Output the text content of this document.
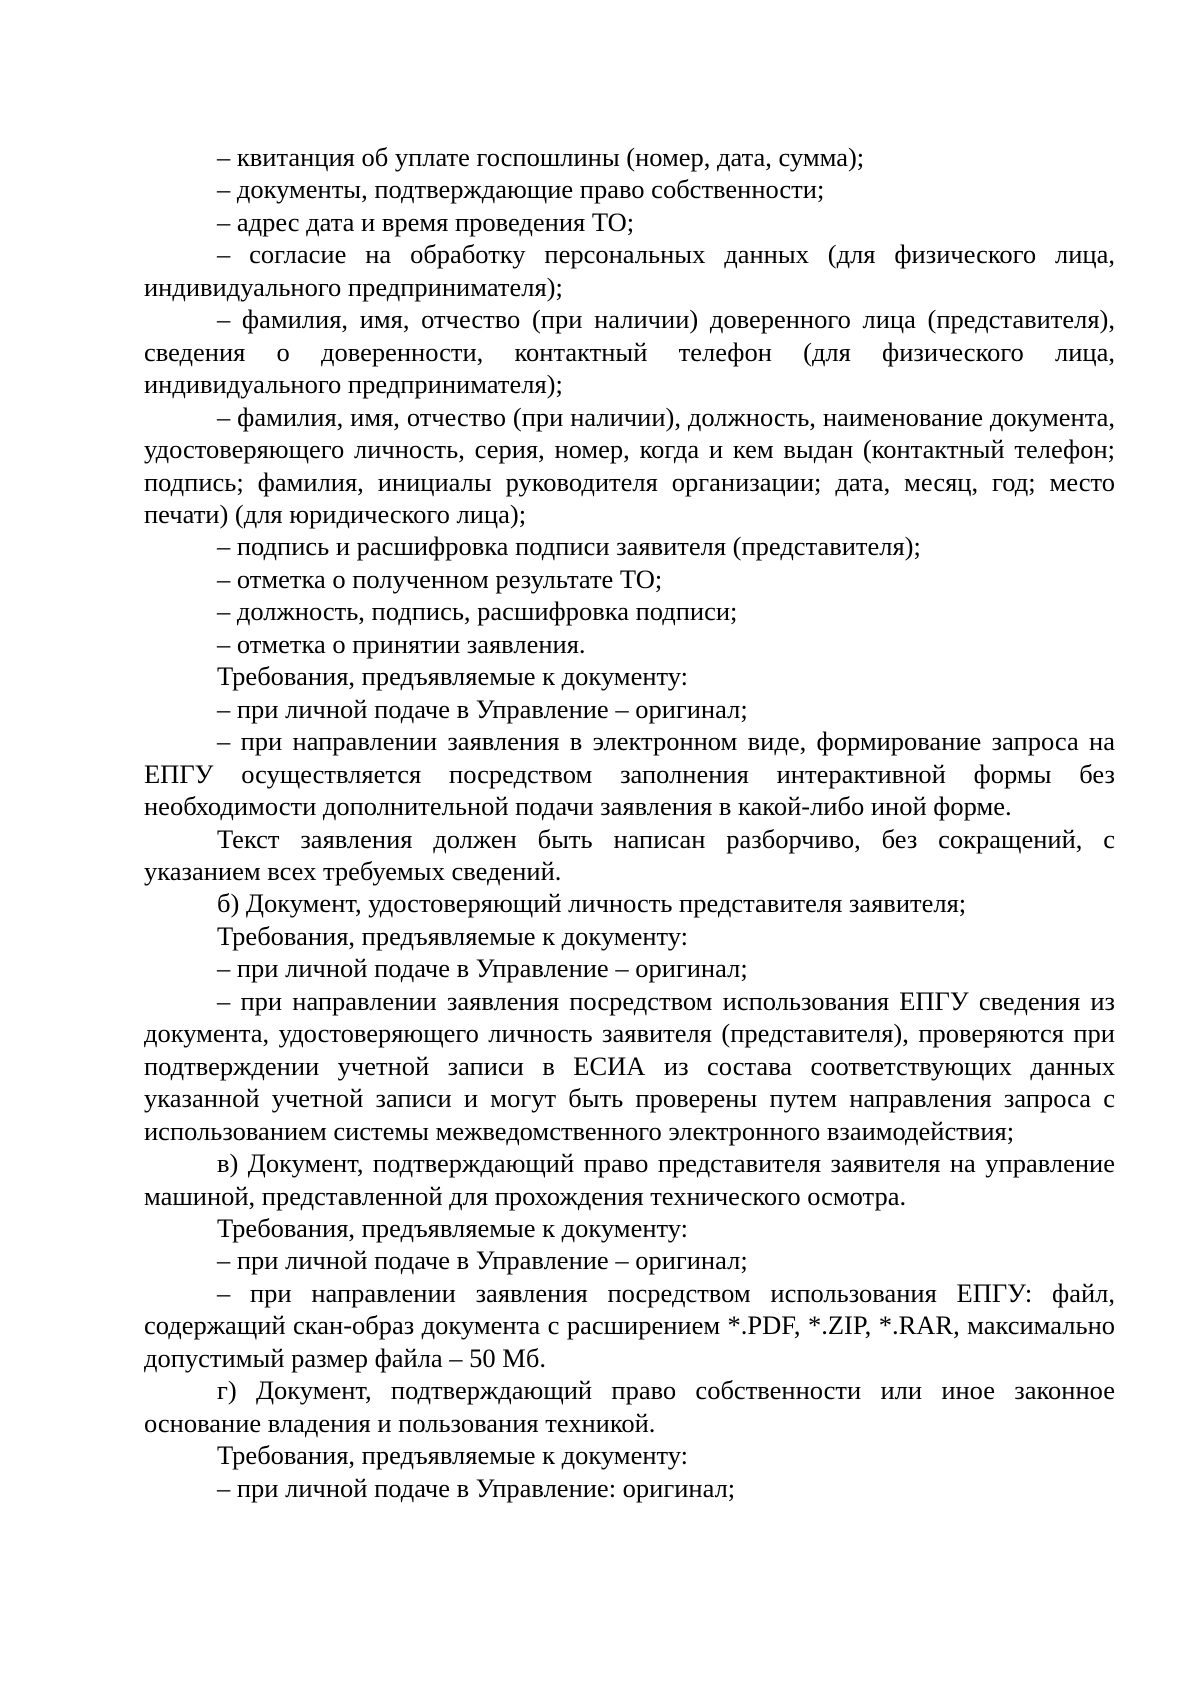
– квитанция об уплате госпошлины (номер, дата, сумма);

– документы, подтверждающие право собственности;

– адрес дата и время проведения ТО;

– согласие на обработку персональных данных (для физического лица, индивидуального предпринимателя);

– фамилия, имя, отчество (при наличии) доверенного лица (представителя), сведения о доверенности, контактный телефон (для физического лица, индивидуального предпринимателя);

– фамилия, имя, отчество (при наличии), должность, наименование документа, удостоверяющего личность, серия, номер, когда и кем выдан (контактный телефон; подпись; фамилия, инициалы руководителя организации; дата, месяц, год; место печати) (для юридического лица);

– подпись и расшифровка подписи заявителя (представителя);

– отметка о полученном результате ТО;

– должность, подпись, расшифровка подписи;

– отметка о принятии заявления.

Требования, предъявляемые к документу:

– при личной подаче в Управление – оригинал;

– при направлении заявления в электронном виде, формирование запроса на ЕПГУ осуществляется посредством заполнения интерактивной формы без необходимости дополнительной подачи заявления в какой-либо иной форме.

Текст заявления должен быть написан разборчиво, без сокращений, с указанием всех требуемых сведений.

б) Документ, удостоверяющий личность представителя заявителя;

Требования, предъявляемые к документу:

– при личной подаче в Управление – оригинал;

– при направлении заявления посредством использования ЕПГУ сведения из документа, удостоверяющего личность заявителя (представителя), проверяются при подтверждении учетной записи в ЕСИА из состава соответствующих данных указанной учетной записи и могут быть проверены путем направления запроса с использованием системы межведомственного электронного взаимодействия;

в) Документ, подтверждающий право представителя заявителя на управление машиной, представленной для прохождения технического осмотра.

Требования, предъявляемые к документу:

– при личной подаче в Управление – оригинал;

– при направлении заявления посредством использования ЕПГУ: файл, содержащий скан-образ документа с расширением *.PDF, *.ZIP, *.RAR, максимально допустимый размер файла – 50 Мб.

г) Документ, подтверждающий право собственности или иное законное основание владения и пользования техникой.

Требования, предъявляемые к документу:

– при личной подаче в Управление: оригинал;
